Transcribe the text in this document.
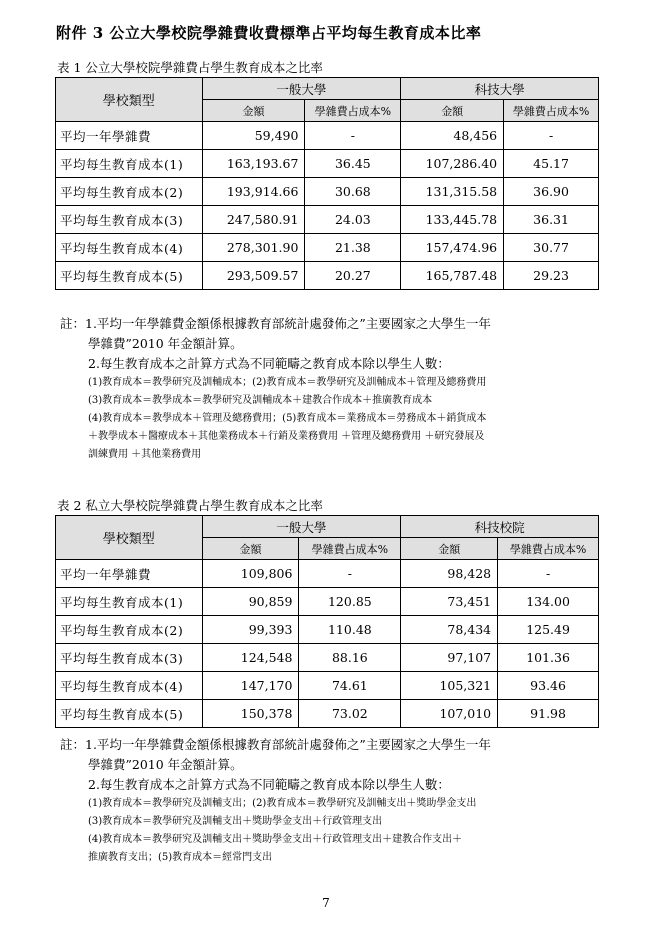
附件 3 公立大學校院學雜費收費標準占平均每生教育成本比率
表 1 公立大學校院學雜費占學生教育成本之比率
學校類型	一般大學		科技大學	
	金額	學雜費占成本%	金額	學雜費占成本%
平均一年學雜費	59,490	-	48,456	-
平均每生教育成本(1)	163,193.67	36.45	107,286.40	45.17
平均每生教育成本(2)	193,914.66	30.68	131,315.58	36.90
平均每生教育成本(3)	247,580.91	24.03	133,445.78	36.31
平均每生教育成本(4)	278,301.90	21.38	157,474.96	30.77
平均每生教育成本(5)	293,509.57	20.27	165,787.48	29.23
註：1.平均一年學雜費金額係根據教育部統計處發佈之”主要國家之大學生一年
學雜費”2010 年金額計算。
2.每生教育成本之計算方式為不同範疇之教育成本除以學生人數：
(1)教育成本＝教學研究及訓輔成本；(2)教育成本＝教學研究及訓輔成本＋管理及總務費用
(3)教育成本＝教學成本＝教學研究及訓輔成本＋建教合作成本＋推廣教育成本
(4)教育成本＝教學成本＋管理及總務費用；(5)教育成本＝業務成本＝勞務成本＋銷貨成本
＋教學成本＋醫療成本＋其他業務成本＋行銷及業務費用 ＋管理及總務費用 ＋研究發展及
訓練費用 ＋其他業務費用
表 2 私立大學校院學雜費占學生教育成本之比率
學校類型	一般大學		科技校院	
	金額	學雜費占成本%	金額	學雜費占成本%
平均一年學雜費	109,806	-	98,428	-
平均每生教育成本(1)	90,859	120.85	73,451	134.00
平均每生教育成本(2)	99,393	110.48	78,434	125.49
平均每生教育成本(3)	124,548	88.16	97,107	101.36
平均每生教育成本(4)	147,170	74.61	105,321	93.46
平均每生教育成本(5)	150,378	73.02	107,010	91.98
註：1.平均一年學雜費金額係根據教育部統計處發佈之”主要國家之大學生一年
學雜費”2010 年金額計算。
2.每生教育成本之計算方式為不同範疇之教育成本除以學生人數：
(1)教育成本＝教學研究及訓輔支出；(2)教育成本＝教學研究及訓輔支出＋獎助學金支出
(3)教育成本＝教學研究及訓輔支出＋獎助學金支出＋行政管理支出
(4)教育成本＝教學研究及訓輔支出＋獎助學金支出＋行政管理支出＋建教合作支出＋
推廣教育支出；(5)教育成本＝經常門支出
7
